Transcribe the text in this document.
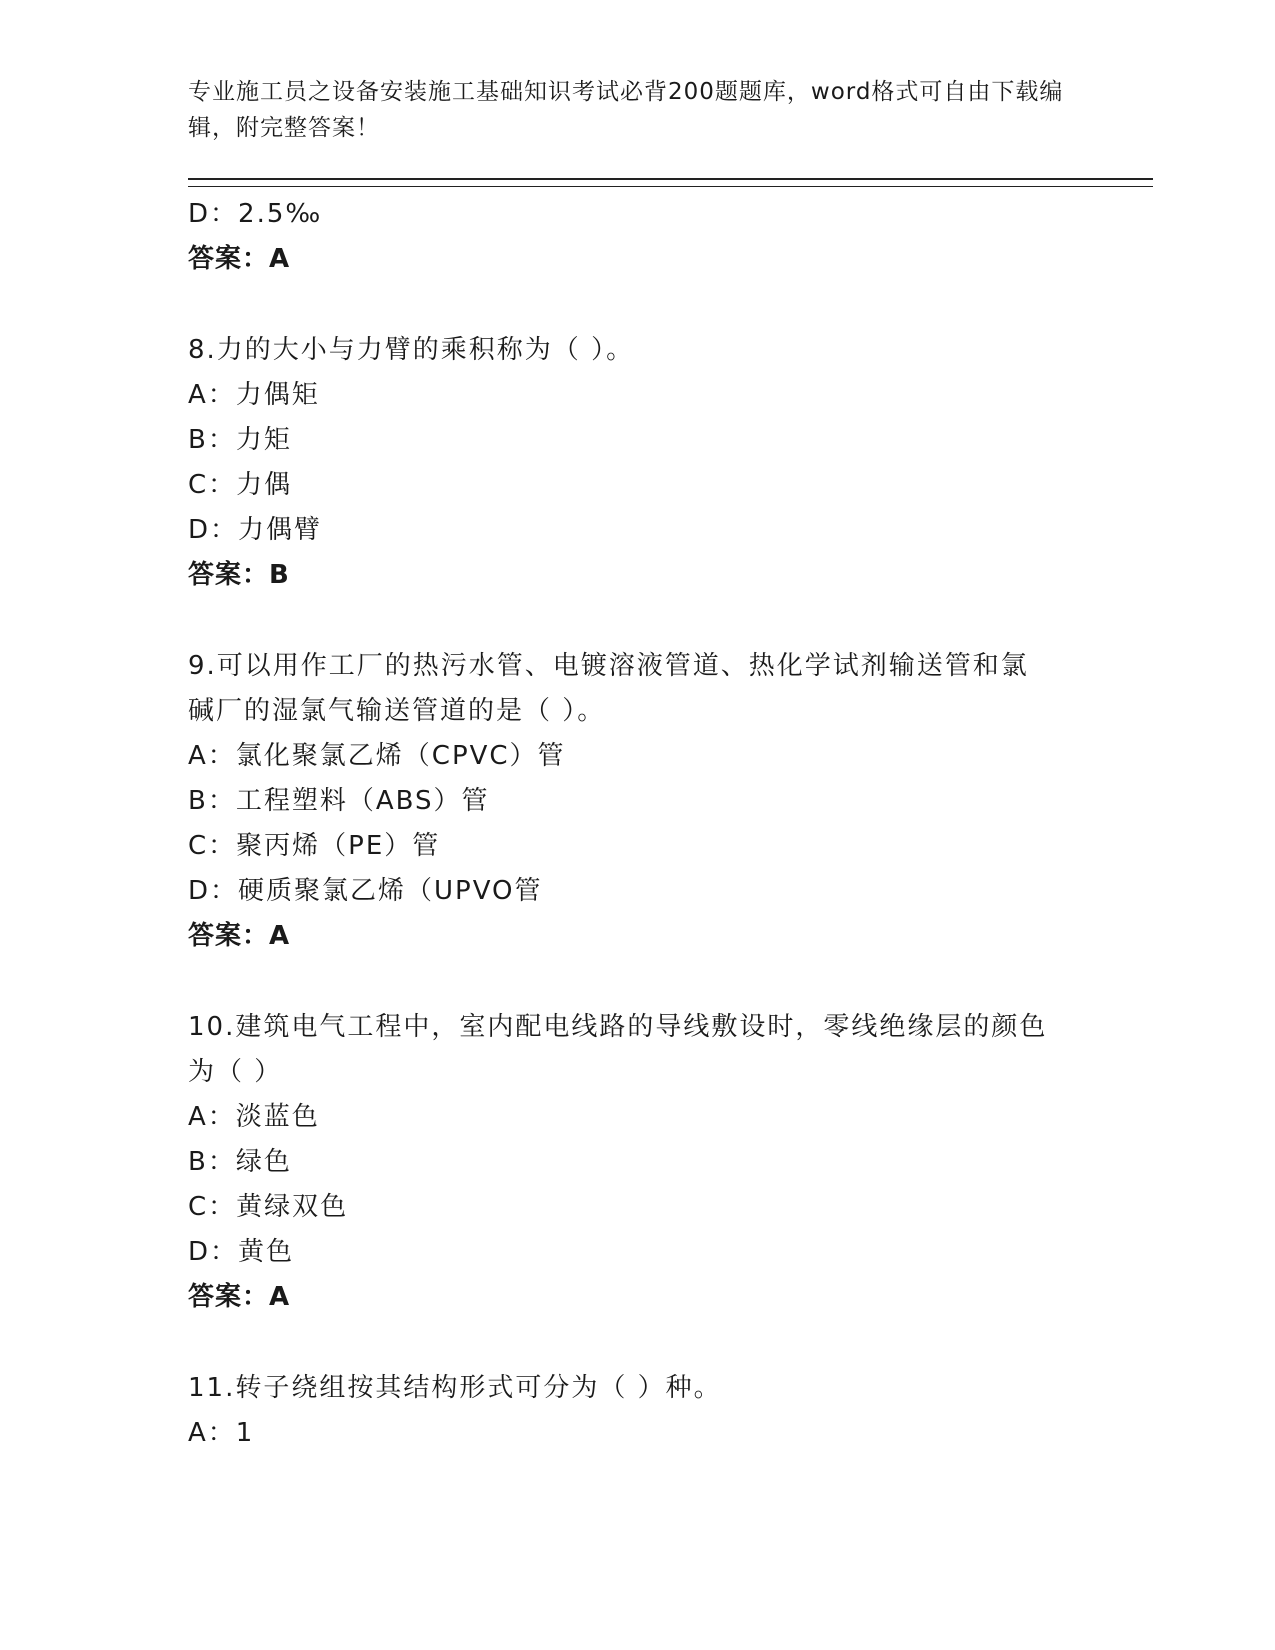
专业施工员之设备安装施工基础知识考试必背200题题库，word格式可自由下载编辑，附完整答案！
D：2.5‰
答案：A
8.力的大小与力臂的乘积称为（ ）。
A：力偶矩
B：力矩
C：力偶
D：力偶臂
答案：B
9.可以用作工厂的热污水管、电镀溶液管道、热化学试剂输送管和氯
碱厂的湿氯气输送管道的是（ ）。
A：氯化聚氯乙烯（CPVC）管
B：工程塑料（ABS）管
C：聚丙烯（PE）管
D：硬质聚氯乙烯（UPVO管
答案：A
10.建筑电气工程中，室内配电线路的导线敷设时，零线绝缘层的颜色
为（ ）
A：淡蓝色
B：绿色
C：黄绿双色
D：黄色
答案：A
11.转子绕组按其结构形式可分为（ ）种。
A：1
